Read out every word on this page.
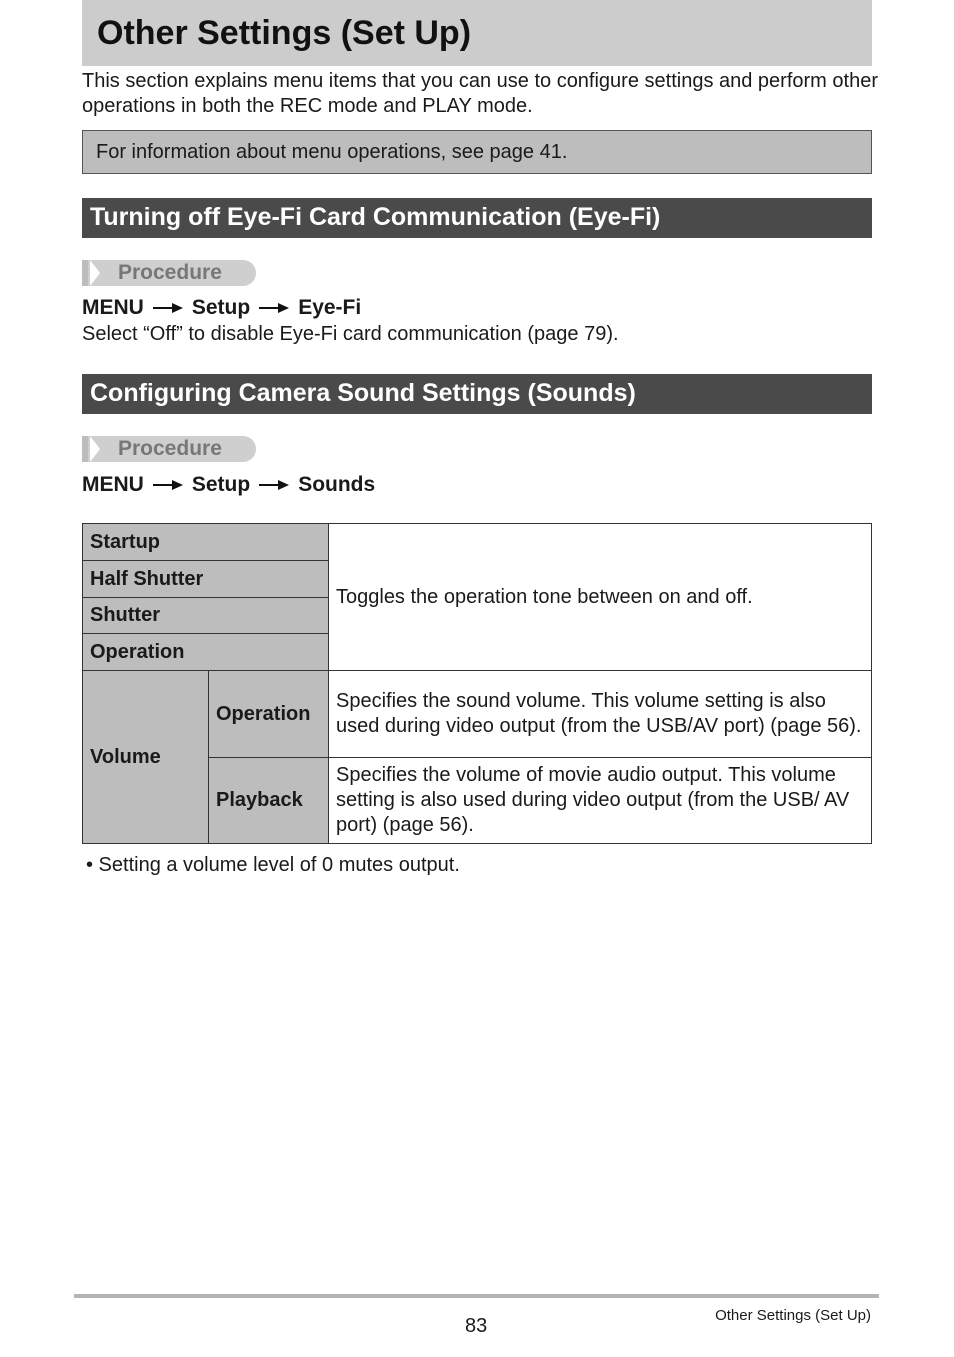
Other Settings (Set Up)
This section explains menu items that you can use to configure settings and perform other operations in both the REC mode and PLAY mode.
For information about menu operations, see page 41.
Turning off Eye-Fi Card Communication (Eye-Fi)
Procedure
MENU Setup Eye-Fi
Select “Off” to disable Eye-Fi card communication (page 79).
Configuring Camera Sound Settings (Sounds)
Procedure
MENU Setup Sounds
Startup		Toggles the operation tone between on and off.
Half Shutter		
Shutter		
Operation		
Volume	Operation	Specifies the sound volume. This volume setting is also used during video output (from the USB/AV port) (page 56).
	Playback	Specifies the volume of movie audio output. This volume setting is also used during video output (from the USB/ AV port) (page 56).
• Setting a volume level of 0 mutes output.
83	Other Settings (Set Up)
